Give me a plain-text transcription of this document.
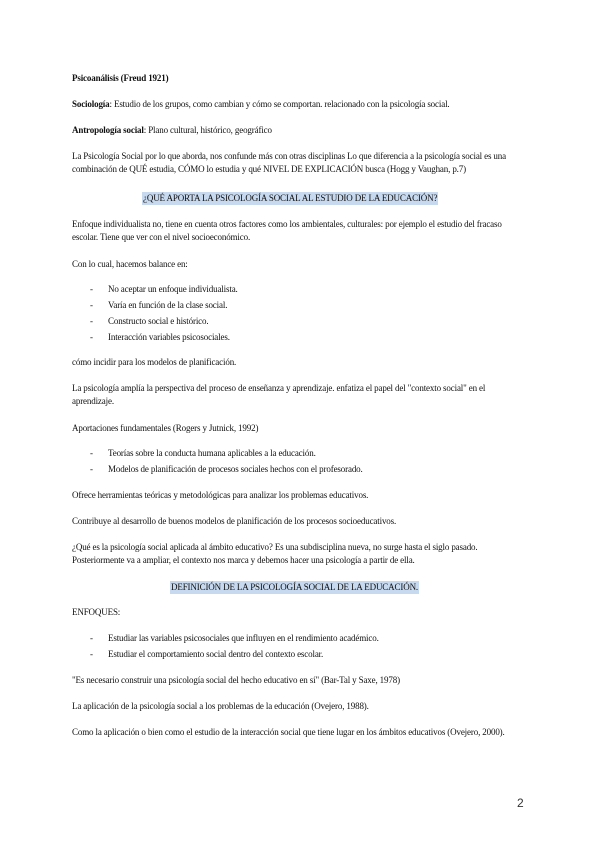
Psicoanálisis (Freud 1921)
Sociología: Estudio de los grupos, como cambian y cómo se comportan. relacionado con la psicología social.
Antropología social: Plano cultural, histórico, geográfico
La Psicología Social por lo que aborda, nos confunde más con otras disciplinas Lo que diferencia a la psicología social es una combinación de QUÉ estudia, CÓMO lo estudia y qué NIVEL DE EXPLICACIÓN busca (Hogg y Vaughan, p.7)
¿QUÉ APORTA LA PSICOLOGÍA SOCIAL AL ESTUDIO DE LA EDUCACIÓN?
Enfoque individualista no, tiene en cuenta otros factores como los ambientales, culturales: por ejemplo el estudio del fracaso escolar. Tiene que ver con el nivel socioeconómico.
Con lo cual, hacemos balance en:
- No aceptar un enfoque individualista.
- Varía en función de la clase social.
- Constructo social e histórico.
- Interacción variables psicosociales.
cómo incidir para los modelos de planificación.
La psicología amplía la perspectiva del proceso de enseñanza y aprendizaje. enfatiza el papel del "contexto social" en el aprendizaje.
Aportaciones fundamentales (Rogers y Jutnick, 1992)
- Teorías sobre la conducta humana aplicables a la educación.
- Modelos de planificación de procesos sociales hechos con el profesorado.
Ofrece herramientas teóricas y metodológicas para analizar los problemas educativos.
Contribuye al desarrollo de buenos modelos de planificación de los procesos socioeducativos.
¿Qué es la psicología social aplicada al ámbito educativo? Es una subdisciplina nueva, no surge hasta el siglo pasado. Posteriormente va a ampliar, el contexto nos marca y debemos hacer una psicología a partir de ella.
DEFINICIÓN DE LA PSICOLOGÍA SOCIAL DE LA EDUCACIÓN.
ENFOQUES:
- Estudiar las variables psicosociales que influyen en el rendimiento académico.
- Estudiar el comportamiento social dentro del contexto escolar.
"Es necesario construir una psicología social del hecho educativo en sí" (Bar-Tal y Saxe, 1978)
La aplicación de la psicología social a los problemas de la educación (Ovejero, 1988).
Como la aplicación o bien como el estudio de la interacción social que tiene lugar en los ámbitos educativos (Ovejero, 2000).
2
